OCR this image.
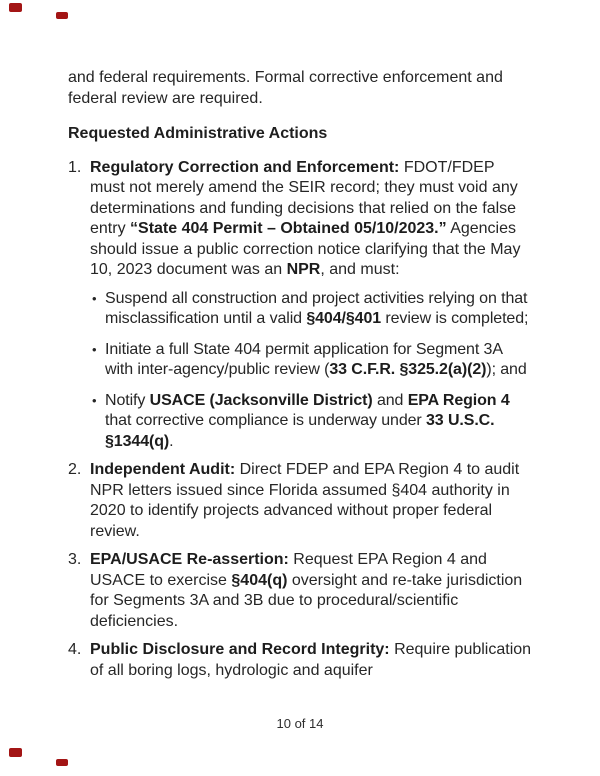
and federal requirements. Formal corrective enforcement and federal review are required.

Requested Administrative Actions
1. Regulatory Correction and Enforcement: FDOT/FDEP must not merely amend the SEIR record; they must void any determinations and funding decisions that relied on the false entry “State 404 Permit – Obtained 05/10/2023.” Agencies should issue a public correction notice clarifying that the May 10, 2023 document was an NPR, and must:
• Suspend all construction and project activities relying on that misclassification until a valid §404/§401 review is completed;
• Initiate a full State 404 permit application for Segment 3A with inter-agency/public review (33 C.F.R. §325.2(a)(2)); and
• Notify USACE (Jacksonville District) and EPA Region 4 that corrective compliance is underway under 33 U.S.C. §1344(q).
2. Independent Audit: Direct FDEP and EPA Region 4 to audit NPR letters issued since Florida assumed §404 authority in 2020 to identify projects advanced without proper federal review.
3. EPA/USACE Re-assertion: Request EPA Region 4 and USACE to exercise §404(q) oversight and re-take jurisdiction for Segments 3A and 3B due to procedural/scientific deficiencies.
4. Public Disclosure and Record Integrity: Require publication of all boring logs, hydrologic and aquifer
10 of 14
